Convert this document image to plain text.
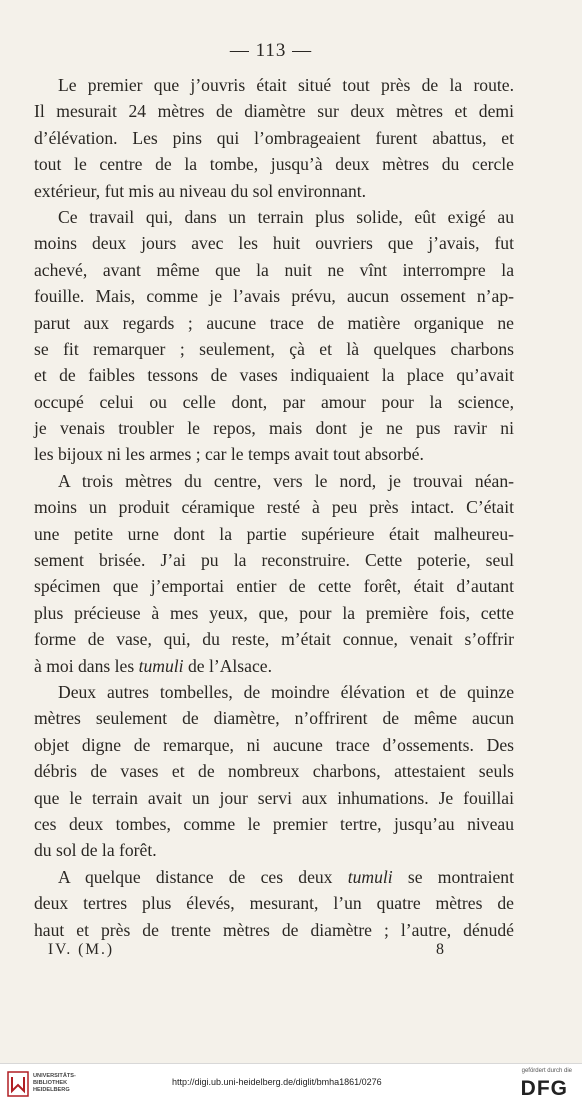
— 113 —
Le premier que j’ouvris était situé tout près de la route.
Il mesurait 24 mètres de diamètre sur deux mètres et demi
d’élévation. Les pins qui l’ombrageaient furent abattus, et
tout le centre de la tombe, jusqu’à deux mètres du cercle
extérieur, fut mis au niveau du sol environnant.
Ce travail qui, dans un terrain plus solide, eût exigé au
moins deux jours avec les huit ouvriers que j’avais, fut
achevé, avant même que la nuit ne vînt interrompre la
fouille. Mais, comme je l’avais prévu, aucun ossement n’ap-
parut aux regards ; aucune trace de matière organique ne
se fit remarquer ; seulement, çà et là quelques charbons
et de faibles tessons de vases indiquaient la place qu’avait
occupé celui ou celle dont, par amour pour la science,
je venais troubler le repos, mais dont je ne pus ravir ni
les bijoux ni les armes ; car le temps avait tout absorbé.
A trois mètres du centre, vers le nord, je trouvai néan-
moins un produit céramique resté à peu près intact. C’était
une petite urne dont la partie supérieure était malheureu-
sement brisée. J’ai pu la reconstruire. Cette poterie, seul
spécimen que j’emportai entier de cette forêt, était d’autant
plus précieuse à mes yeux, que, pour la première fois, cette
forme de vase, qui, du reste, m’était connue, venait s’offrir
à moi dans les tumuli de l’Alsace.
Deux autres tombelles, de moindre élévation et de quinze
mètres seulement de diamètre, n’offrirent de même aucun
objet digne de remarque, ni aucune trace d’ossements. Des
débris de vases et de nombreux charbons, attestaient seuls
que le terrain avait un jour servi aux inhumations. Je fouillai
ces deux tombes, comme le premier tertre, jusqu’au niveau
du sol de la forêt.
A quelque distance de ces deux tumuli se montraient
deux tertres plus élevés, mesurant, l’un quatre mètres de
haut et près de trente mètres de diamètre ; l’autre, dénudé
IV. (M.)	8
UNIVERSITÄTS-
BIBLIOTHEK
HEIDELBERG
http://digi.ub.uni-heidelberg.de/diglit/bmha1861/0276
gefördert durch die
DFG
